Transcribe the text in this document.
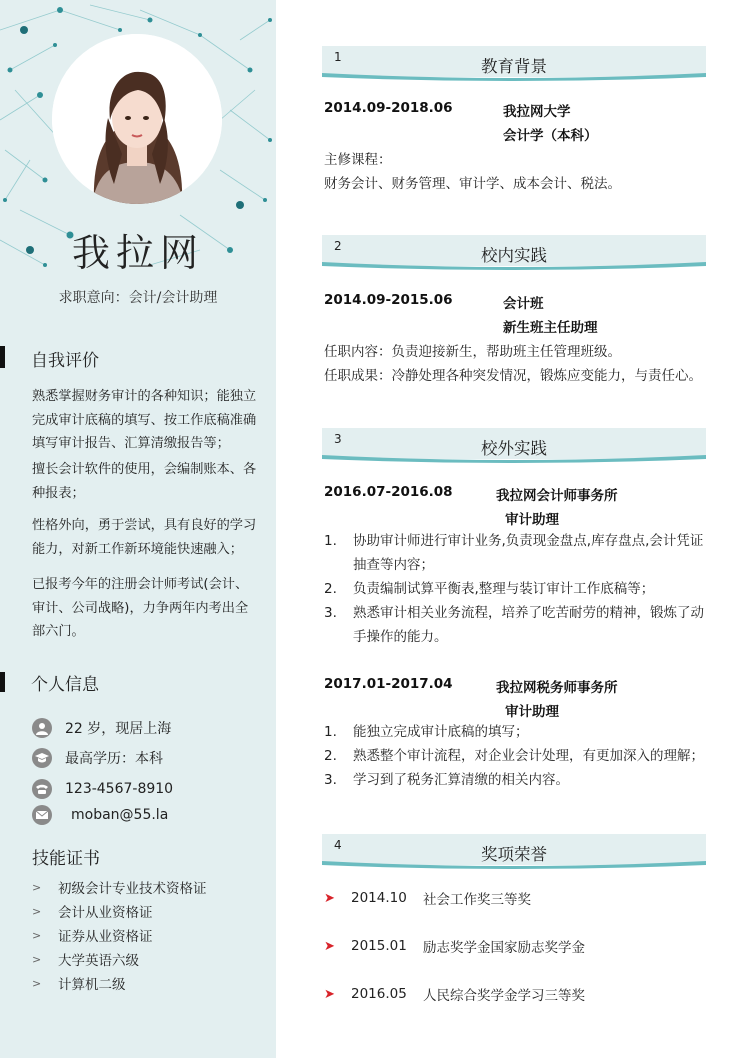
我拉网
求职意向：会计/会计助理
自我评价
熟悉掌握财务审计的各种知识；能独立完成审计底稿的填写、按工作底稿准确填写审计报告、汇算清缴报告等；
擅长会计软件的使用，会编制账本、各种报表；
性格外向，勇于尝试，具有良好的学习能力，对新工作新环境能快速融入；
已报考今年的注册会计师考试(会计、审计、公司战略)，力争两年内考出全部六门。
个人信息
22 岁，现居上海
最高学历：本科
123-4567-8910
moban@55.la
技能证书
>	初级会计专业技术资格证
>	会计从业资格证
>	证券从业资格证
>	大学英语六级
>	计算机二级
1	教育背景
2014.09-2018.06	我拉网大学
会计学（本科）
主修课程：
财务会计、财务管理、审计学、成本会计、税法。
2	校内实践
2014.09-2015.06	会计班
新生班主任助理
任职内容：负责迎接新生，帮助班主任管理班级。
任职成果：冷静处理各种突发情况，锻炼应变能力，与责任心。
3	校外实践
2016.07-2016.08	我拉网会计师事务所
审计助理
1.	协助审计师进行审计业务,负责现金盘点,库存盘点,会计凭证抽查等内容；
2.	负责编制试算平衡表,整理与装订审计工作底稿等；
3.	熟悉审计相关业务流程，培养了吃苦耐劳的精神，锻炼了动手操作的能力。
2017.01-2017.04	我拉网税务师事务所
审计助理
1.	能独立完成审计底稿的填写；
2.	熟悉整个审计流程，对企业会计处理，有更加深入的理解；
3.	学习到了税务汇算清缴的相关内容。
4	奖项荣誉
➤	2014.10	社会工作奖三等奖
➤	2015.01	励志奖学金国家励志奖学金
➤	2016.05	人民综合奖学金学习三等奖
